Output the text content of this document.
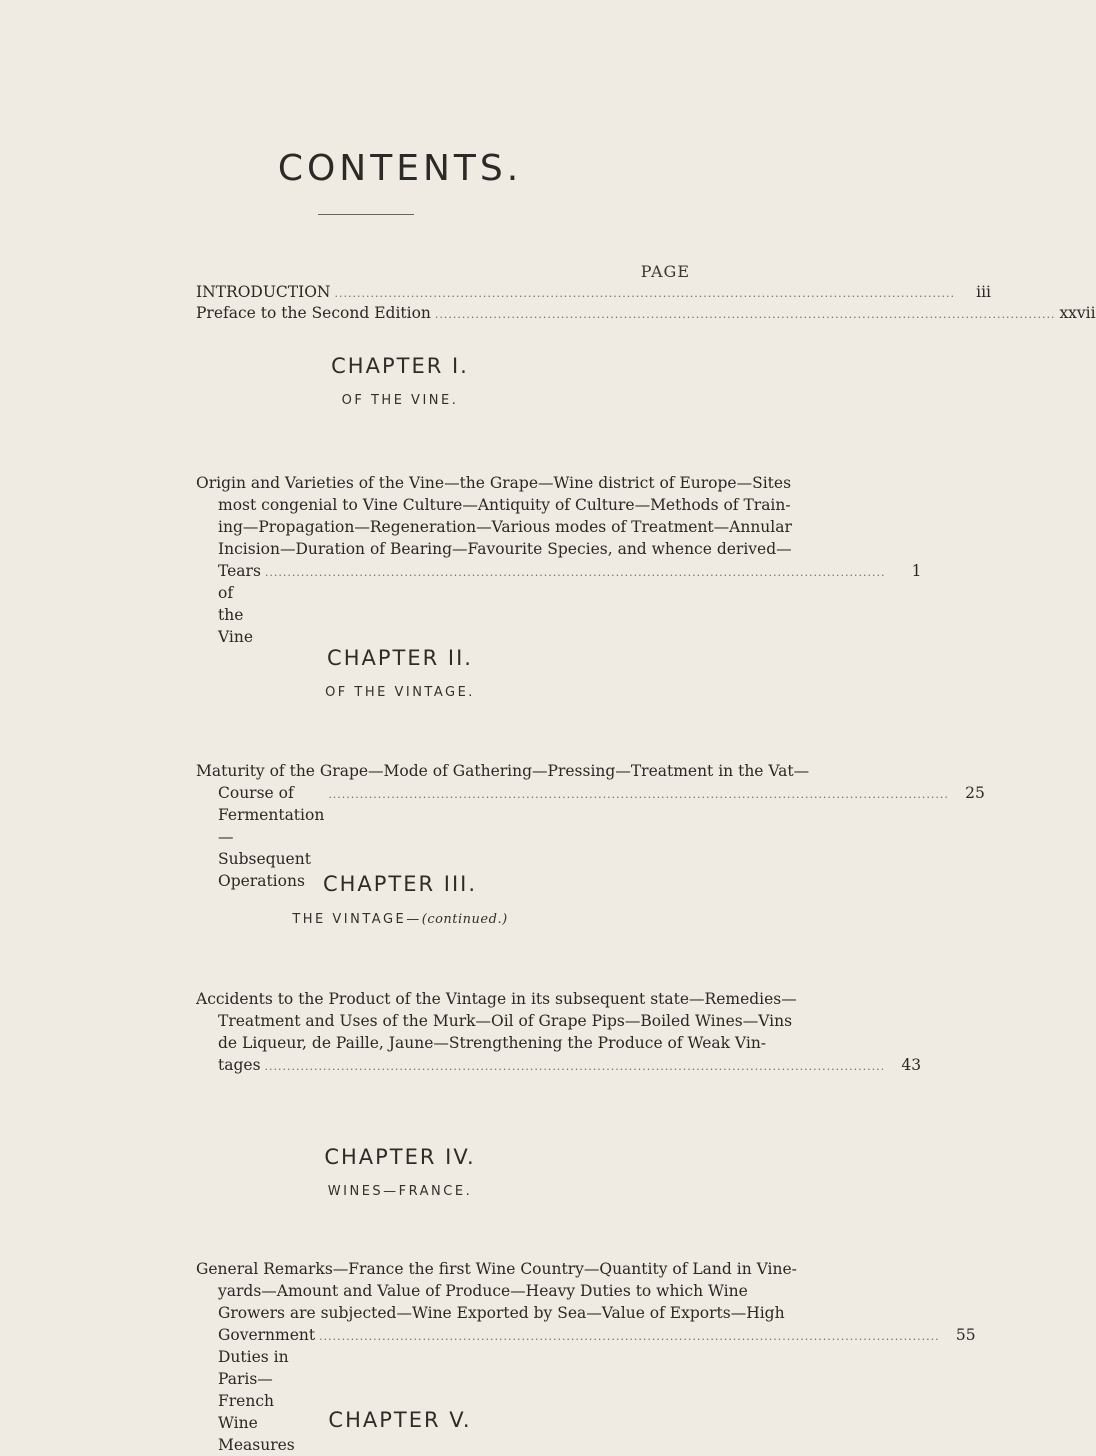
CONTENTS.
PAGE
INTRODUCTION ..........................................................................................................................................	iii
Preface to the Second Edition .......................................................................................................................................... xxvii
CHAPTER I.
OF THE VINE.
Origin and Varieties of the Vine—the Grape—Wine district of Europe—Sites
most congenial to Vine Culture—Antiquity of Culture—Methods of Train-
ing—Propagation—Regeneration—Various modes of Treatment—Annular
Incision—Duration of Bearing—Favourite Species, and whence derived—
Tears of the Vine
..........................................................................................................................................	1
CHAPTER II.
OF THE VINTAGE.
Maturity of the Grape—Mode of Gathering—Pressing—Treatment in the Vat—
Course of Fermentation—Subsequent Operations
..........................................................................................................................................	25
CHAPTER III.
THE VINTAGE—(continued.)
Accidents to the Product of the Vintage in its subsequent state—Remedies—
Treatment and Uses of the Murk—Oil of Grape Pips—Boiled Wines—Vins
de Liqueur, de Paille, Jaune—Strengthening the Produce of Weak Vin-
tages ..........................................................................................................................................	43
CHAPTER IV.
WINES—FRANCE.
General Remarks—France the first Wine Country—Quantity of Land in Vine-
yards—Amount and Value of Produce—Heavy Duties to which Wine
Growers are subjected—Wine Exported by Sea—Value of Exports—High
Government Duties in Paris—French Wine Measures
..........................................................................................................................................	55
CHAPTER V.
